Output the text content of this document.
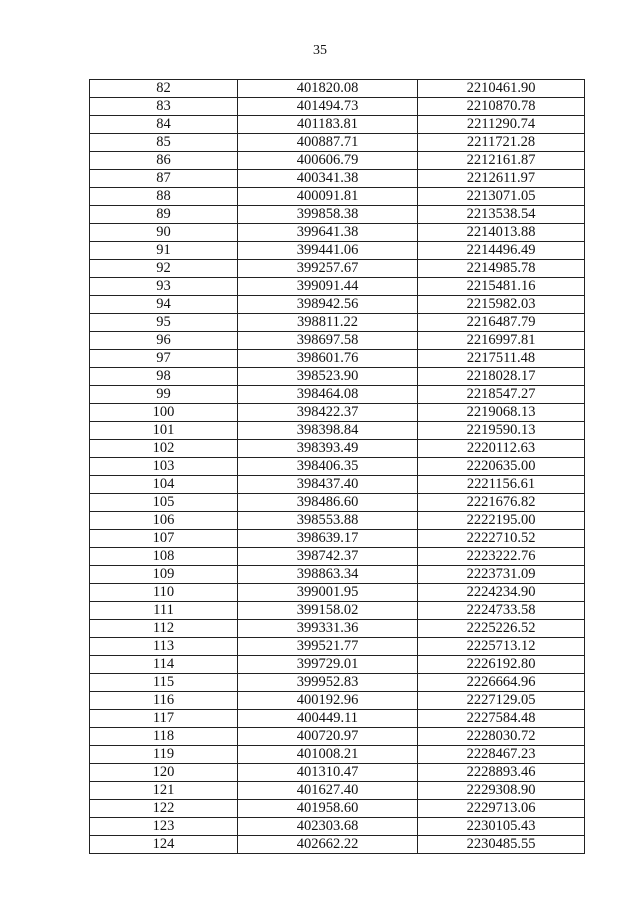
35
82	401820.08	2210461.90
83	401494.73	2210870.78
84	401183.81	2211290.74
85	400887.71	2211721.28
86	400606.79	2212161.87
87	400341.38	2212611.97
88	400091.81	2213071.05
89	399858.38	2213538.54
90	399641.38	2214013.88
91	399441.06	2214496.49
92	399257.67	2214985.78
93	399091.44	2215481.16
94	398942.56	2215982.03
95	398811.22	2216487.79
96	398697.58	2216997.81
97	398601.76	2217511.48
98	398523.90	2218028.17
99	398464.08	2218547.27
100	398422.37	2219068.13
101	398398.84	2219590.13
102	398393.49	2220112.63
103	398406.35	2220635.00
104	398437.40	2221156.61
105	398486.60	2221676.82
106	398553.88	2222195.00
107	398639.17	2222710.52
108	398742.37	2223222.76
109	398863.34	2223731.09
110	399001.95	2224234.90
111	399158.02	2224733.58
112	399331.36	2225226.52
113	399521.77	2225713.12
114	399729.01	2226192.80
115	399952.83	2226664.96
116	400192.96	2227129.05
117	400449.11	2227584.48
118	400720.97	2228030.72
119	401008.21	2228467.23
120	401310.47	2228893.46
121	401627.40	2229308.90
122	401958.60	2229713.06
123	402303.68	2230105.43
124	402662.22	2230485.55
